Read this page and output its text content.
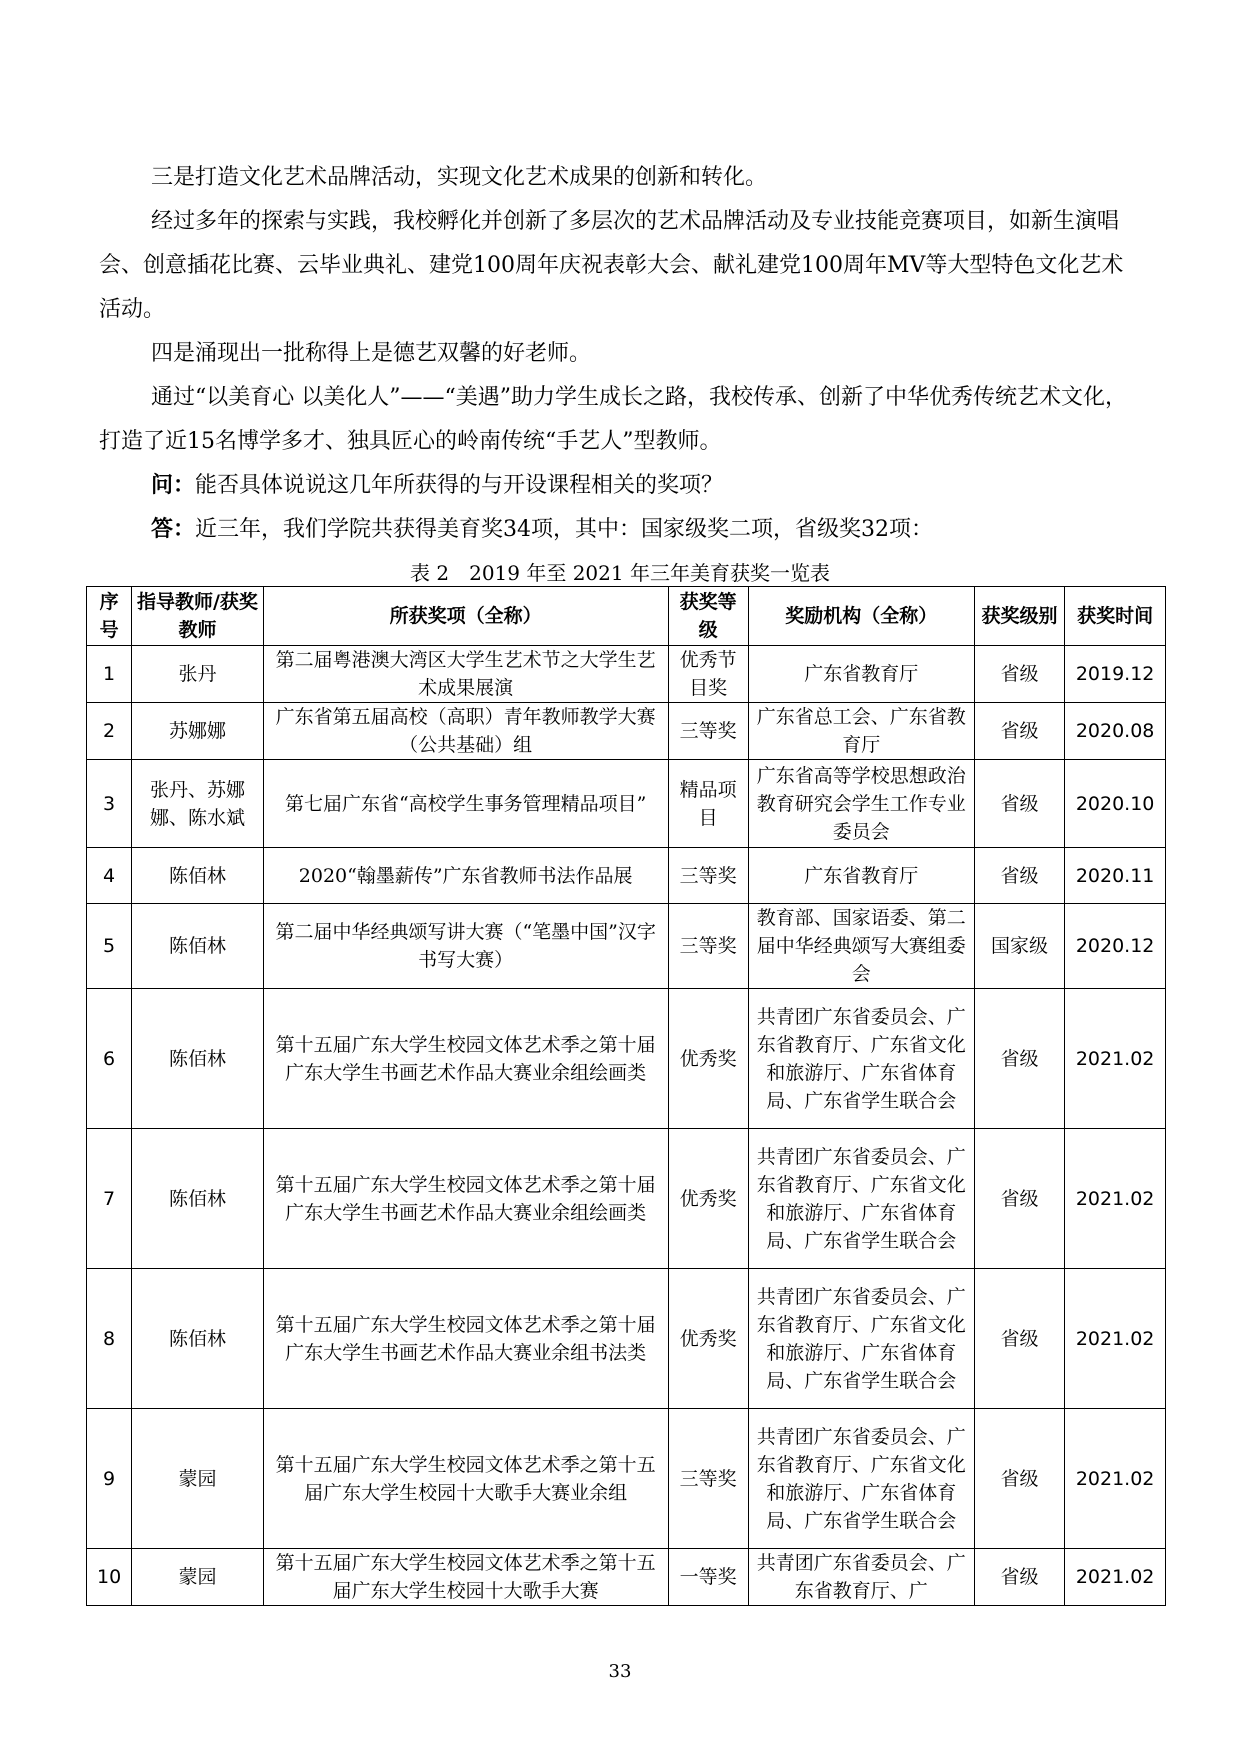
三是打造文化艺术品牌活动，实现文化艺术成果的创新和转化。

经过多年的探索与实践，我校孵化并创新了多层次的艺术品牌活动及专业技能竞赛项目，如新生演唱会、创意插花比赛、云毕业典礼、建党100周年庆祝表彰大会、献礼建党100周年MV等大型特色文化艺术活动。

四是涌现出一批称得上是德艺双馨的好老师。

通过“以美育心 以美化人”——“美遇”助力学生成长之路，我校传承、创新了中华优秀传统艺术文化，打造了近15名博学多才、独具匠心的岭南传统“手艺人”型教师。

问：能否具体说说这几年所获得的与开设课程相关的奖项？

答：近三年，我们学院共获得美育奖34项，其中：国家级奖二项，省级奖32项：

表 2　2019 年至 2021 年三年美育获奖一览表
序号	指导教师/获奖教师	所获奖项（全称）	获奖等级	奖励机构（全称）	获奖级别	获奖时间
1	张丹	第二届粤港澳大湾区大学生艺术节之大学生艺术成果展演	优秀节目奖	广东省教育厅	省级	2019.12
2	苏娜娜	广东省第五届高校（高职）青年教师教学大赛（公共基础）组	三等奖	广东省总工会、广东省教育厅	省级	2020.08
3	张丹、苏娜娜、陈水斌	第七届广东省“高校学生事务管理精品项目”	精品项目	广东省高等学校思想政治教育研究会学生工作专业委员会	省级	2020.10
4	陈佰林	2020“翰墨薪传”广东省教师书法作品展	三等奖	广东省教育厅	省级	2020.11
5	陈佰林	第二届中华经典颂写讲大赛（“笔墨中国”汉字书写大赛）	三等奖	教育部、国家语委、第二届中华经典颂写大赛组委会	国家级	2020.12
6	陈佰林	第十五届广东大学生校园文体艺术季之第十届广东大学生书画艺术作品大赛业余组绘画类	优秀奖	共青团广东省委员会、广东省教育厅、广东省文化和旅游厅、广东省体育局、广东省学生联合会	省级	2021.02
7	陈佰林	第十五届广东大学生校园文体艺术季之第十届广东大学生书画艺术作品大赛业余组绘画类	优秀奖	共青团广东省委员会、广东省教育厅、广东省文化和旅游厅、广东省体育局、广东省学生联合会	省级	2021.02
8	陈佰林	第十五届广东大学生校园文体艺术季之第十届广东大学生书画艺术作品大赛业余组书法类	优秀奖	共青团广东省委员会、广东省教育厅、广东省文化和旅游厅、广东省体育局、广东省学生联合会	省级	2021.02
9	蒙园	第十五届广东大学生校园文体艺术季之第十五届广东大学生校园十大歌手大赛业余组	三等奖	共青团广东省委员会、广东省教育厅、广东省文化和旅游厅、广东省体育局、广东省学生联合会	省级	2021.02
10	蒙园	第十五届广东大学生校园文体艺术季之第十五届广东大学生校园十大歌手大赛	一等奖	共青团广东省委员会、广东省教育厅、广	省级	2021.02
33
